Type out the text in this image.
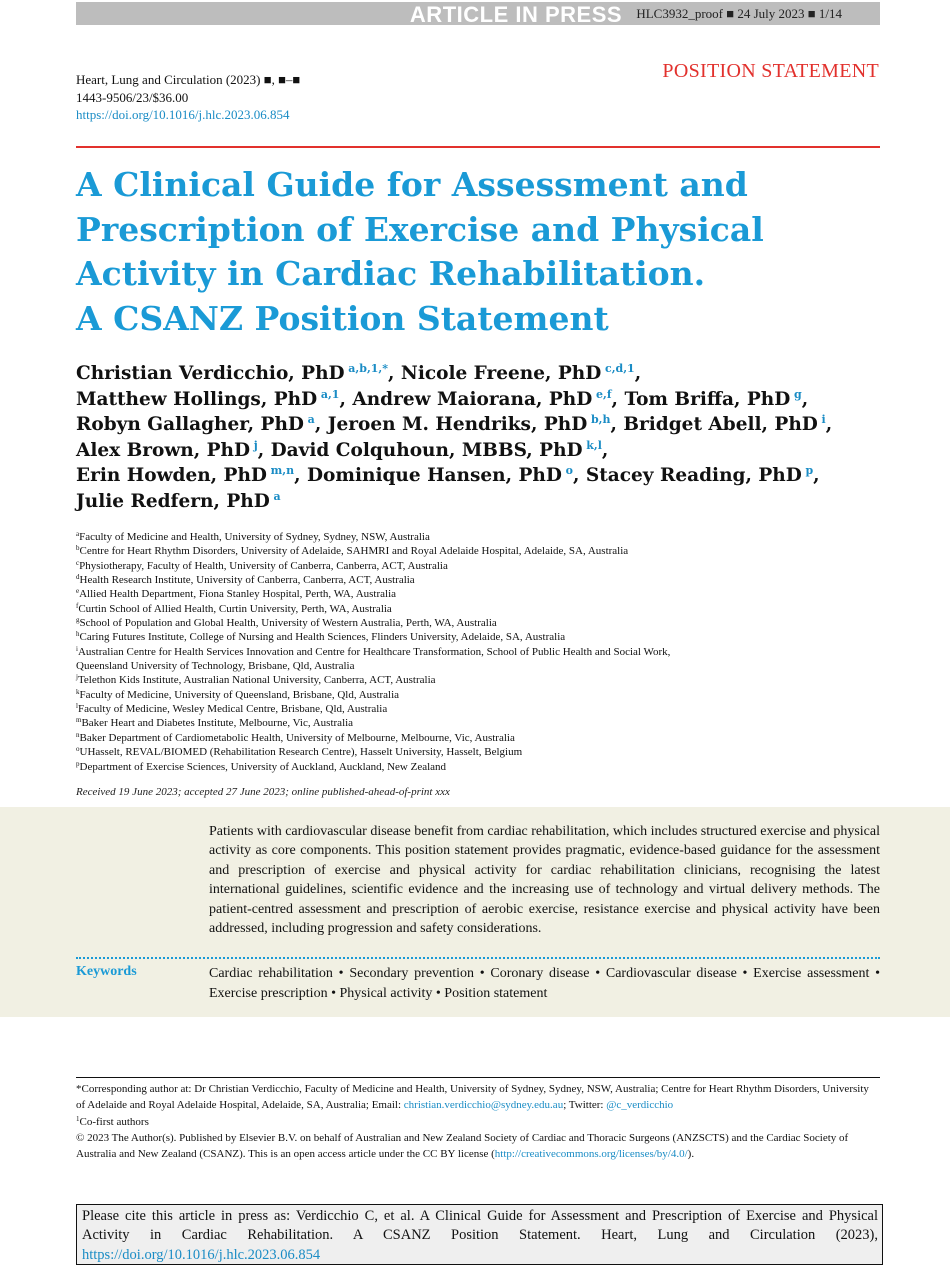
ARTICLE IN PRESS	HLC3932_proof ■ 24 July 2023 ■ 1/14
Heart, Lung and Circulation (2023) ■, ■–■
1443-9506/23/$36.00
https://doi.org/10.1016/j.hlc.2023.06.854
POSITION STATEMENT
A Clinical Guide for Assessment and
Prescription of Exercise and Physical
Activity in Cardiac Rehabilitation.
A CSANZ Position Statement
Christian Verdicchio, PhD  $^{a,b,1,*}$, Nicole Freene, PhD  $^{c,d,1}$,
Matthew Hollings, PhD  $^{a,1}$, Andrew Maiorana, PhD  $^{e,f}$, Tom Briffa, PhD  $^g$,
Robyn Gallagher, PhD  $^a$, Jeroen M. Hendriks, PhD  $^{b,h}$, Bridget Abell, PhD  $^i$,
Alex Brown, PhD  $^j$, David Colquhoun, MBBS, PhD  $^{k,l}$,
Erin Howden, PhD  $^{m,n}$, Dominique Hansen, PhD  $^o$, Stacey Reading, PhD  $^p$,
Julie Redfern, PhD  $^a$
$^a$Faculty of Medicine and Health, University of Sydney, Sydney, NSW, Australia
$^b$Centre for Heart Rhythm Disorders, University of Adelaide, SAHMRI and Royal Adelaide Hospital, Adelaide, SA, Australia
$^c$Physiotherapy, Faculty of Health, University of Canberra, Canberra, ACT, Australia
$^d$Health Research Institute, University of Canberra, Canberra, ACT, Australia
$^e$Allied Health Department, Fiona Stanley Hospital, Perth, WA, Australia
$^f$Curtin School of Allied Health, Curtin University, Perth, WA, Australia
$^g$School of Population and Global Health, University of Western Australia, Perth, WA, Australia
$^h$Caring Futures Institute, College of Nursing and Health Sciences, Flinders University, Adelaide, SA, Australia
$^i$Australian Centre for Health Services Innovation and Centre for Healthcare Transformation, School of Public Health and Social Work,
Queensland University of Technology, Brisbane, Qld, Australia
$^j$Telethon Kids Institute, Australian National University, Canberra, ACT, Australia
$^k$Faculty of Medicine, University of Queensland, Brisbane, Qld, Australia
$^l$Faculty of Medicine, Wesley Medical Centre, Brisbane, Qld, Australia
$^m$Baker Heart and Diabetes Institute, Melbourne, Vic, Australia
$^n$Baker Department of Cardiometabolic Health, University of Melbourne, Melbourne, Vic, Australia
$^o$UHasselt, REVAL/BIOMED (Rehabilitation Research Centre), Hasselt University, Hasselt, Belgium
$^p$Department of Exercise Sciences, University of Auckland, Auckland, New Zealand
Received 19 June 2023; accepted 27 June 2023; online published-ahead-of-print xxx

Patients with cardiovascular disease benefit from cardiac rehabilitation, which includes structured exercise and physical activity as core components. This position statement provides pragmatic, evidence-based guidance for the assessment and prescription of exercise and physical activity for cardiac rehabilitation clinicians, recognising the latest international guidelines, scientific evidence and the increasing use of technology and virtual delivery methods. The patient-centred assessment and prescription of aerobic exercise, resistance exercise and physical activity have been addressed, including progression and safety considerations.

Keywords	Cardiac rehabilitation • Secondary prevention • Coronary disease • Cardiovascular disease • Exercise assessment • Exercise prescription • Physical activity • Position statement
*Corresponding author at: Dr Christian Verdicchio, Faculty of Medicine and Health, University of Sydney, Sydney, NSW, Australia; Centre for Heart Rhythm Disorders, University of Adelaide and Royal Adelaide Hospital, Adelaide, SA, Australia; Email: christian.verdicchio@sydney.edu.au; Twitter: @c_verdicchio
$^1$Co-first authors
© 2023 The Author(s). Published by Elsevier B.V. on behalf of Australian and New Zealand Society of Cardiac and Thoracic Surgeons (ANZSCTS) and the Cardiac Society of Australia and New Zealand (CSANZ). This is an open access article under the CC BY license (http://creativecommons.org/licenses/by/4.0/).
Please cite this article in press as: Verdicchio C, et al. A Clinical Guide for Assessment and Prescription of Exercise and Physical Activity in Cardiac Rehabilitation. A CSANZ Position Statement. Heart, Lung and Circulation (2023), https://doi.org/10.1016/j.hlc.2023.06.854
